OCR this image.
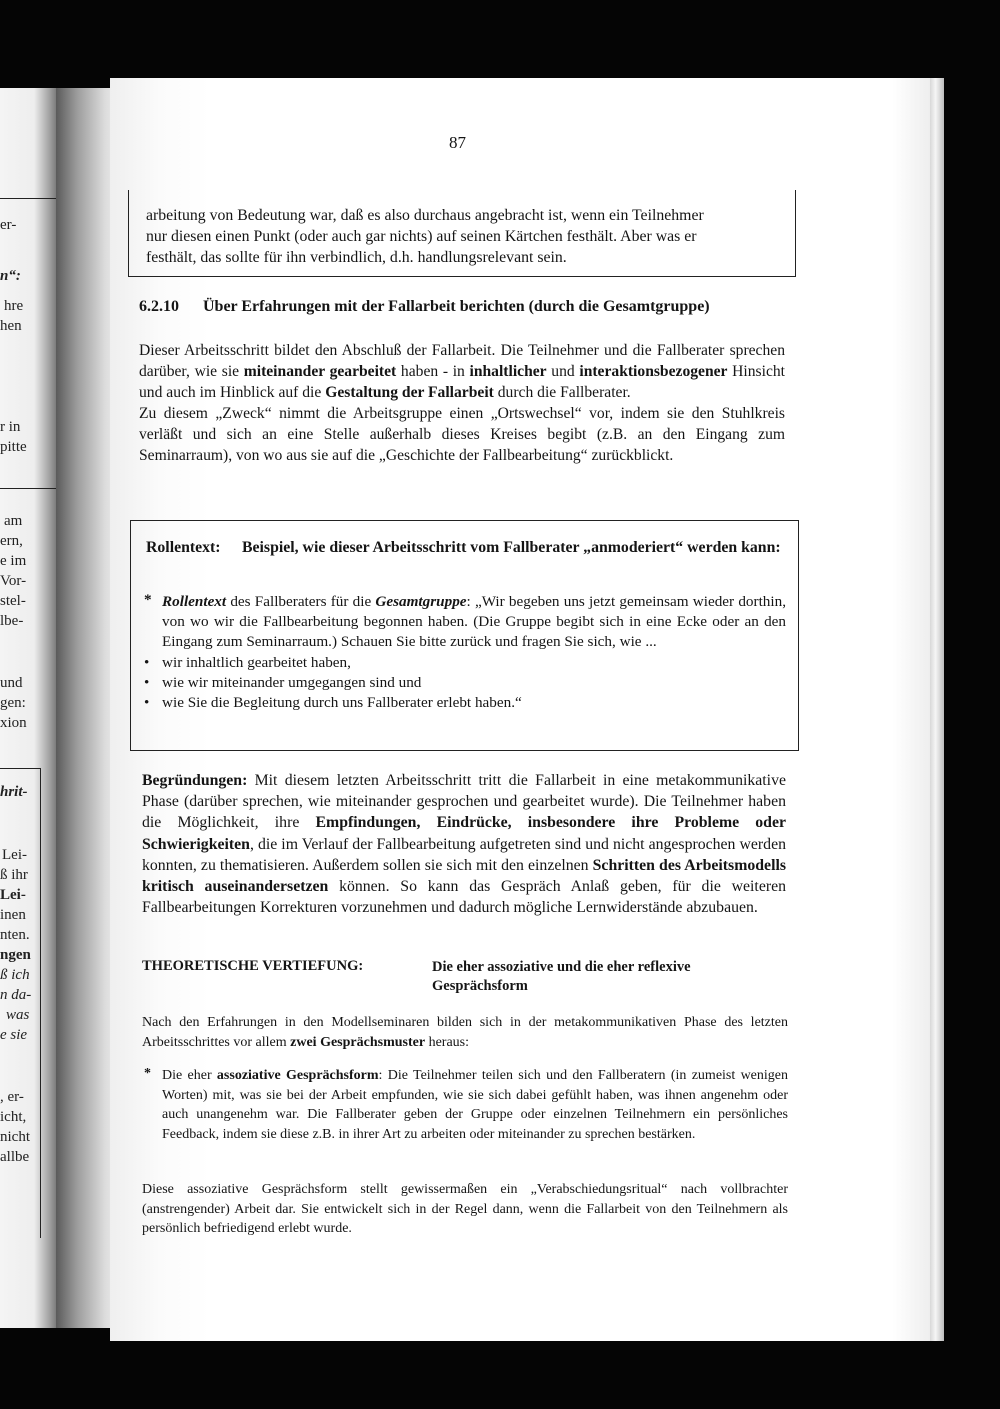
er-
n“:
hre
hen
r in
pitte
am
ern,
e im
Vor-
stel-
lbe-
und
gen:
xion
hrit-
Lei-
ß ihr
Lei-
inen
nten.
ngen
ß ich
n da-
was
e sie
, er-
icht,
nicht
allbe
87
arbeitung von Bedeutung war, daß es also durchaus angebracht ist, wenn ein Teilnehmer
nur diesen einen Punkt (oder auch gar nichts) auf seinen Kärtchen festhält. Aber was er
festhält, das sollte für ihn verbindlich, d.h. handlungsrelevant sein.
6.2.10 Über Erfahrungen mit der Fallarbeit berichten (durch die Gesamtgruppe)

Dieser Arbeitsschritt bildet den Abschluß der Fallarbeit. Die Teilnehmer und die Fallberater sprechen darüber, wie sie miteinander gearbeitet haben - in inhaltlicher und interaktionsbezogener Hinsicht und auch im Hinblick auf die Gestaltung der Fallarbeit durch die Fallberater.

Zu diesem „Zweck“ nimmt die Arbeitsgruppe einen „Ortswechsel“ vor, indem sie den Stuhlkreis verläßt und sich an eine Stelle außerhalb dieses Kreises begibt (z.B. an den Eingang zum Seminarraum), von wo aus sie auf die „Geschichte der Fallbearbeitung“ zurückblickt.

Rollentext:	Beispiel, wie dieser Arbeitsschritt vom Fallberater „anmoderiert“ werden kann:

* Rollentext des Fallberaters für die Gesamtgruppe: „Wir begeben uns jetzt gemeinsam wieder dorthin, von wo wir die Fallbearbeitung begonnen haben. (Die Gruppe begibt sich in eine Ecke oder an den Eingang zum Seminarraum.) Schauen Sie bitte zurück und fragen Sie sich, wie ...

• wir inhaltlich gearbeitet haben,
• wie wir miteinander umgegangen sind und
• wie Sie die Begleitung durch uns Fallberater erlebt haben.“

Begründungen: Mit diesem letzten Arbeitsschritt tritt die Fallarbeit in eine metakommunikative Phase (darüber sprechen, wie miteinander gesprochen und gearbeitet wurde). Die Teilnehmer haben die Möglichkeit, ihre Empfindungen, Eindrücke, insbesondere ihre Probleme oder Schwierigkeiten, die im Verlauf der Fallbearbeitung aufgetreten sind und nicht angesprochen werden konnten, zu thematisieren. Außerdem sollen sie sich mit den einzelnen Schritten des Arbeitsmodells kritisch auseinandersetzen können. So kann das Gespräch Anlaß geben, für die weiteren Fallbearbeitungen Korrekturen vorzunehmen und dadurch mögliche Lernwiderstände abzubauen.

THEORETISCHE VERTIEFUNG:	Die eher assoziative und die eher reflexive Gesprächsform

Nach den Erfahrungen in den Modellseminaren bilden sich in der metakommunikativen Phase des letzten Arbeitsschrittes vor allem zwei Gesprächsmuster heraus:

* Die eher assoziative Gesprächsform: Die Teilnehmer teilen sich und den Fallberatern (in zumeist wenigen Worten) mit, was sie bei der Arbeit empfunden, wie sie sich dabei gefühlt haben, was ihnen angenehm oder auch unangenehm war. Die Fallberater geben der Gruppe oder einzelnen Teilnehmern ein persönliches Feedback, indem sie diese z.B. in ihrer Art zu arbeiten oder miteinander zu sprechen bestärken.

Diese assoziative Gesprächsform stellt gewissermaßen ein „Verabschiedungsritual“ nach vollbrachter (anstrengender) Arbeit dar. Sie entwickelt sich in der Regel dann, wenn die Fallarbeit von den Teilnehmern als persönlich befriedigend erlebt wurde.
